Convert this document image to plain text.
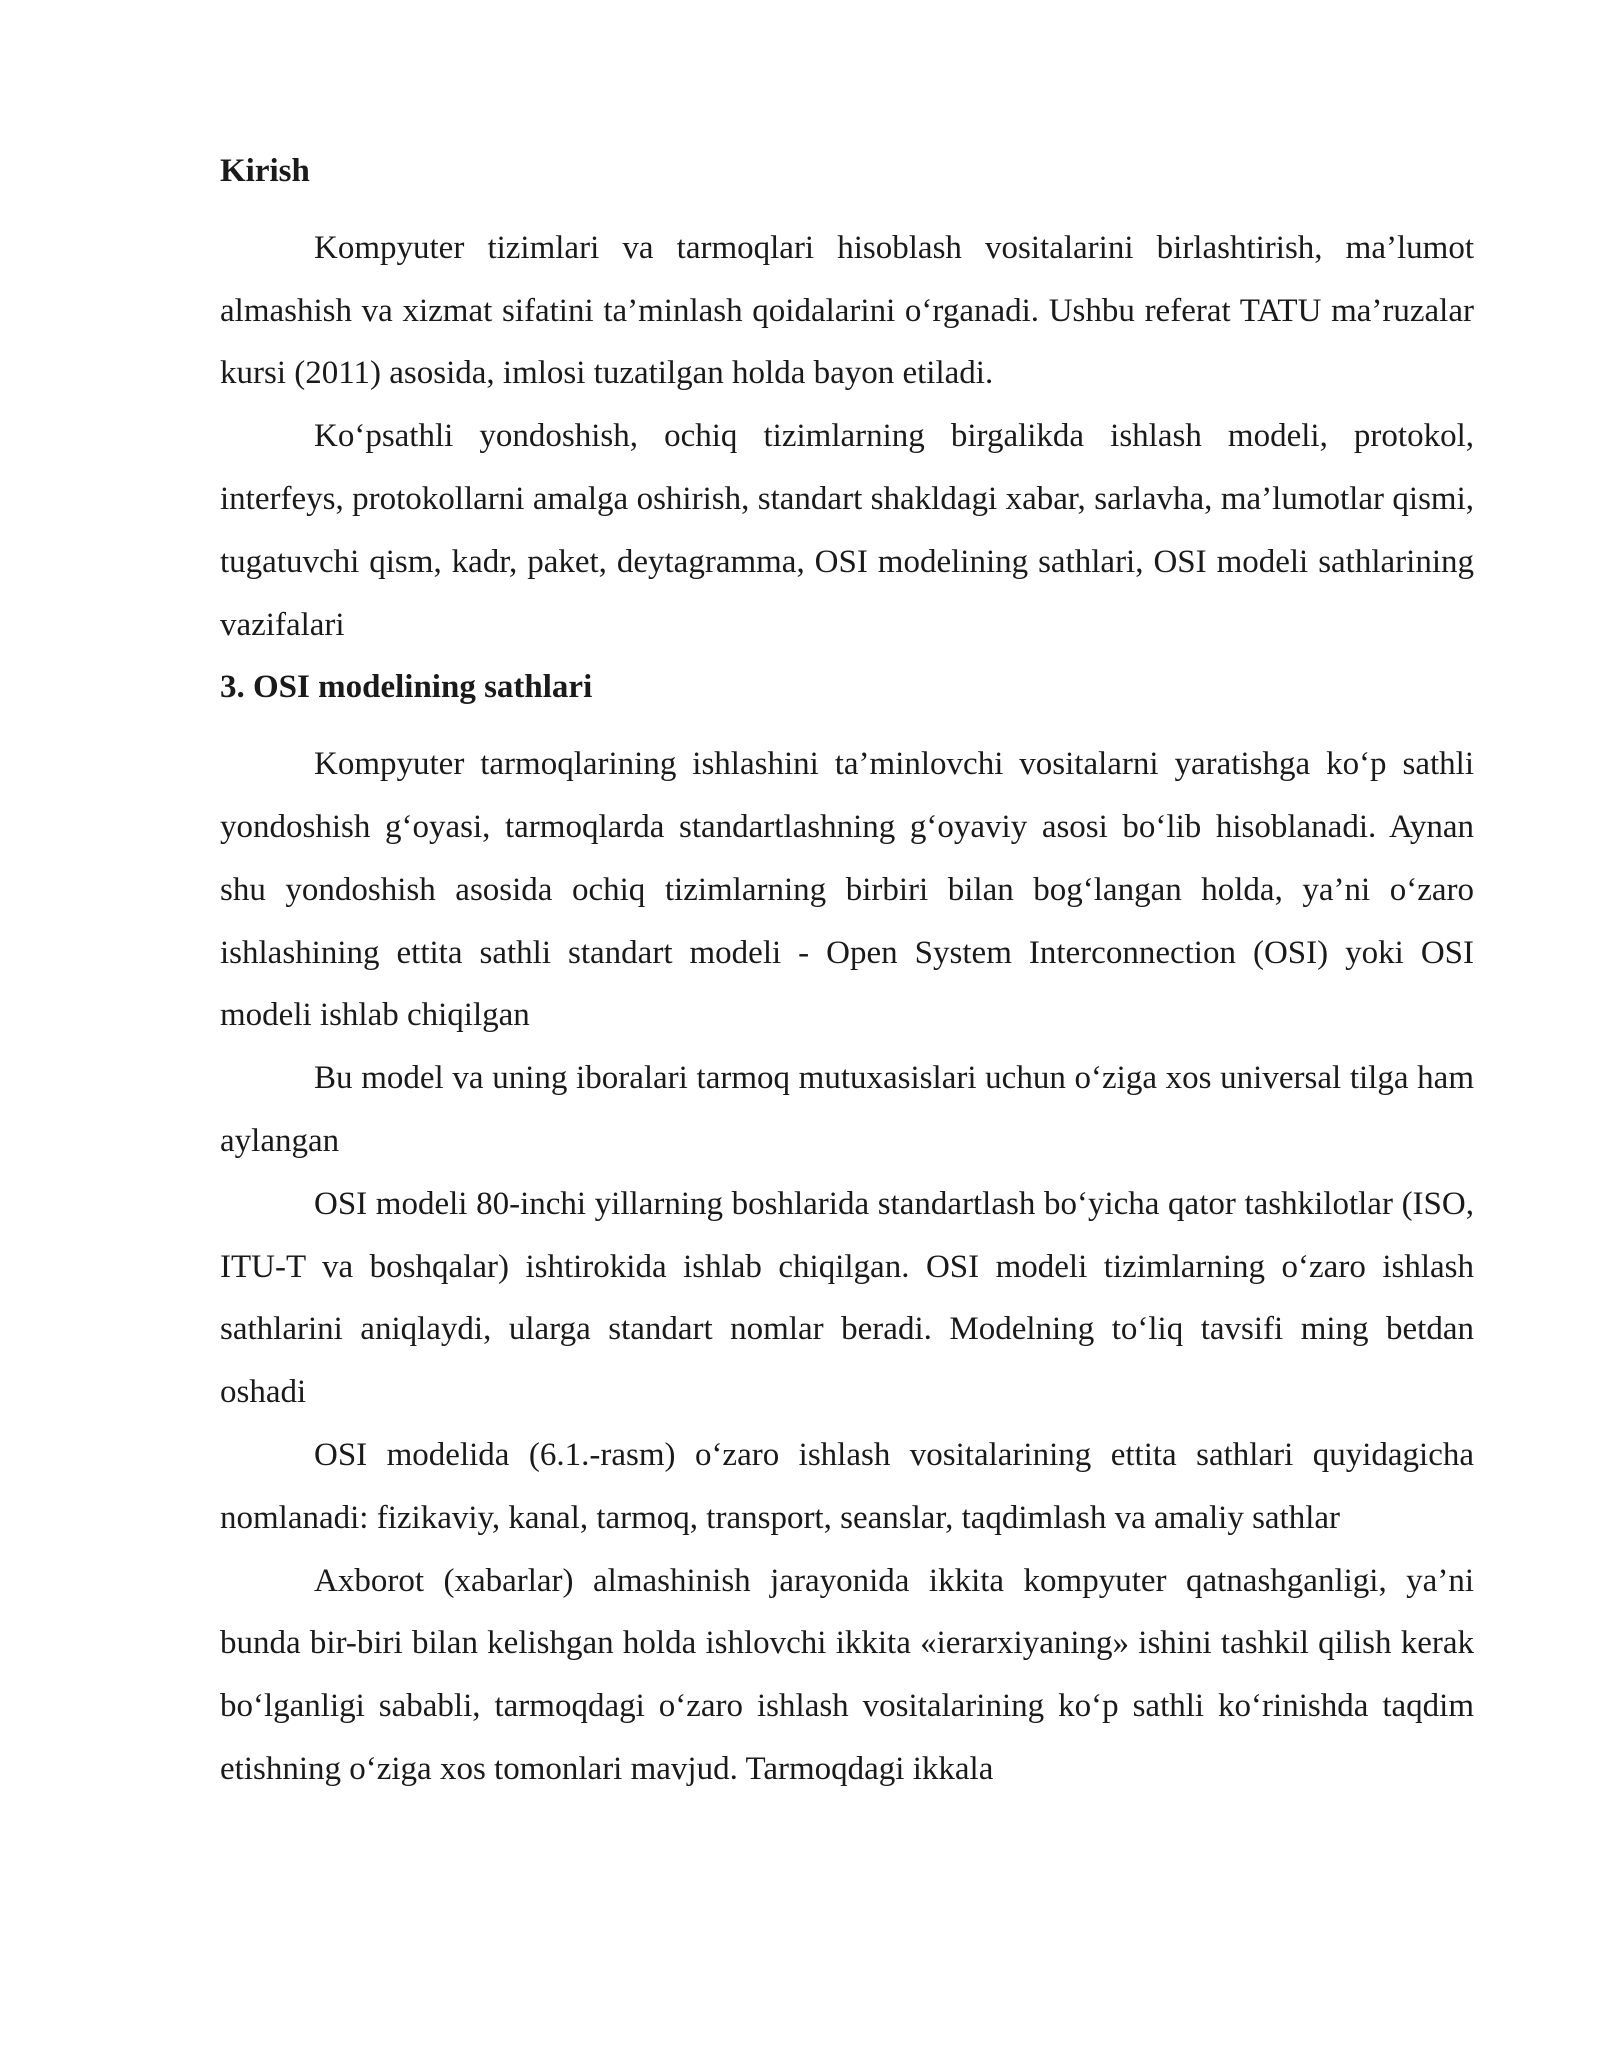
Kirish

Kompyuter tizimlari va tarmoqlari hisoblash vositalarini birlashtirish, ma’lumot almashish va xizmat sifatini ta’minlash qoidalarini o‘rganadi. Ushbu referat TATU ma’ruzalar kursi (2011) asosida, imlosi tuzatilgan holda bayon etiladi.

Ko‘psathli yondoshish, ochiq tizimlarning birgalikda ishlash modeli, protokol, interfeys, protokollarni amalga oshirish, standart shakldagi xabar, sarlavha, ma’lumotlar qismi, tugatuvchi qism, kadr, paket, deytagramma, OSI modelining sathlari, OSI modeli sathlarining vazifalari

3. OSI modelining sathlari

Kompyuter tarmoqlarining ishlashini ta’minlovchi vositalarni yaratishga ko‘p sathli yondoshish g‘oyasi, tarmoqlarda standartlashning g‘oyaviy asosi bo‘lib hisoblanadi. Aynan shu yondoshish asosida ochiq tizimlarning birbiri bilan bog‘langan holda, ya’ni o‘zaro ishlashining ettita sathli standart modeli - Open System Interconnection (OSI) yoki OSI modeli ishlab chiqilgan

Bu model va uning iboralari tarmoq mutuxasislari uchun o‘ziga xos universal tilga ham aylangan

OSI modeli 80-inchi yillarning boshlarida standartlash bo‘yicha qator tashkilotlar (ISO, ITU-T va boshqalar) ishtirokida ishlab chiqilgan. OSI modeli tizimlarning o‘zaro ishlash sathlarini aniqlaydi, ularga standart nomlar beradi. Modelning to‘liq tavsifi ming betdan oshadi

OSI modelida (6.1.-rasm) o‘zaro ishlash vositalarining ettita sathlari quyidagicha nomlanadi: fizikaviy, kanal, tarmoq, transport, seanslar, taqdimlash va amaliy sathlar

Axborot (xabarlar) almashinish jarayonida ikkita kompyuter qatnashganligi, ya’ni bunda bir-biri bilan kelishgan holda ishlovchi ikkita «ierarxiyaning» ishini tashkil qilish kerak bo‘lganligi sababli, tarmoqdagi o‘zaro ishlash vositalarining ko‘p sathli ko‘rinishda taqdim etishning o‘ziga xos tomonlari mavjud. Tarmoqdagi ikkala
